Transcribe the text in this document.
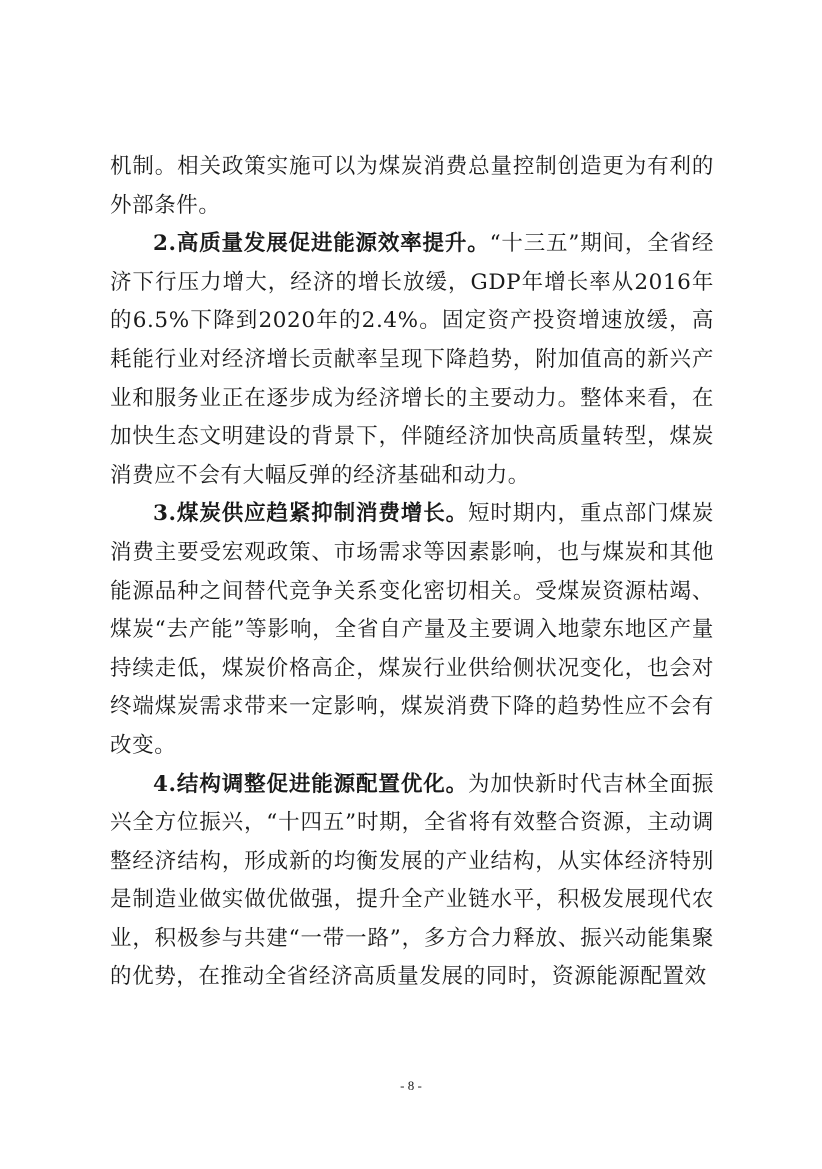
机制。相关政策实施可以为煤炭消费总量控制创造更为有利的外部条件。

2.高质量发展促进能源效率提升。“十三五”期间，全省经济下行压力增大，经济的增长放缓，GDP年增长率从2016年的6.5%下降到2020年的2.4%。固定资产投资增速放缓，高耗能行业对经济增长贡献率呈现下降趋势，附加值高的新兴产业和服务业正在逐步成为经济增长的主要动力。整体来看，在加快生态文明建设的背景下，伴随经济加快高质量转型，煤炭消费应不会有大幅反弹的经济基础和动力。

3.煤炭供应趋紧抑制消费增长。短时期内，重点部门煤炭消费主要受宏观政策、市场需求等因素影响，也与煤炭和其他能源品种之间替代竞争关系变化密切相关。受煤炭资源枯竭、煤炭“去产能”等影响，全省自产量及主要调入地蒙东地区产量持续走低，煤炭价格高企，煤炭行业供给侧状况变化，也会对终端煤炭需求带来一定影响，煤炭消费下降的趋势性应不会有改变。

4.结构调整促进能源配置优化。为加快新时代吉林全面振兴全方位振兴，“十四五”时期，全省将有效整合资源，主动调整经济结构，形成新的均衡发展的产业结构，从实体经济特别是制造业做实做优做强，提升全产业链水平，积极发展现代农业，积极参与共建“一带一路”，多方合力释放、振兴动能集聚的优势，在推动全省经济高质量发展的同时，资源能源配置效

- 8 -
